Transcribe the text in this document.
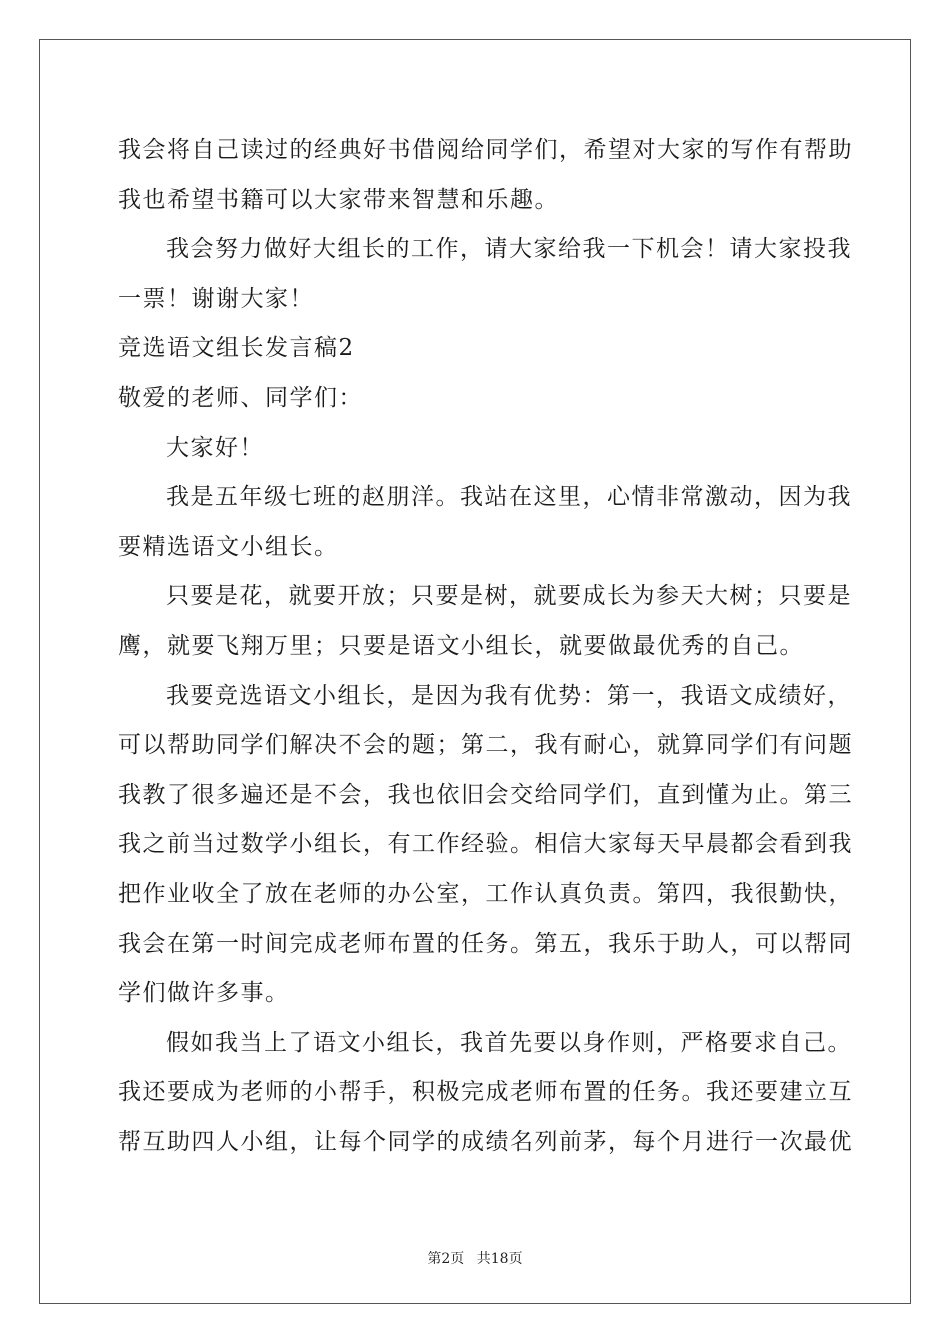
我会将自己读过的经典好书借阅给同学们，希望对大家的写作有帮助
我也希望书籍可以大家带来智慧和乐趣。
我会努力做好大组长的工作，请大家给我一下机会！请大家投我
一票！谢谢大家！
竞选语文组长发言稿2
敬爱的老师、同学们：
大家好！
我是五年级七班的赵朋洋。我站在这里，心情非常激动，因为我
要精选语文小组长。
只要是花，就要开放；只要是树，就要成长为参天大树；只要是
鹰，就要飞翔万里；只要是语文小组长，就要做最优秀的自己。
我要竞选语文小组长，是因为我有优势：第一，我语文成绩好，
可以帮助同学们解决不会的题；第二，我有耐心，就算同学们有问题
我教了很多遍还是不会，我也依旧会交给同学们，直到懂为止。第三
我之前当过数学小组长，有工作经验。相信大家每天早晨都会看到我
把作业收全了放在老师的办公室，工作认真负责。第四，我很勤快，
我会在第一时间完成老师布置的任务。第五，我乐于助人，可以帮同
学们做许多事。
假如我当上了语文小组长，我首先要以身作则，严格要求自己。
我还要成为老师的小帮手，积极完成老师布置的任务。我还要建立互
帮互助四人小组，让每个同学的成绩名列前茅，每个月进行一次最优
第2页 共18页
